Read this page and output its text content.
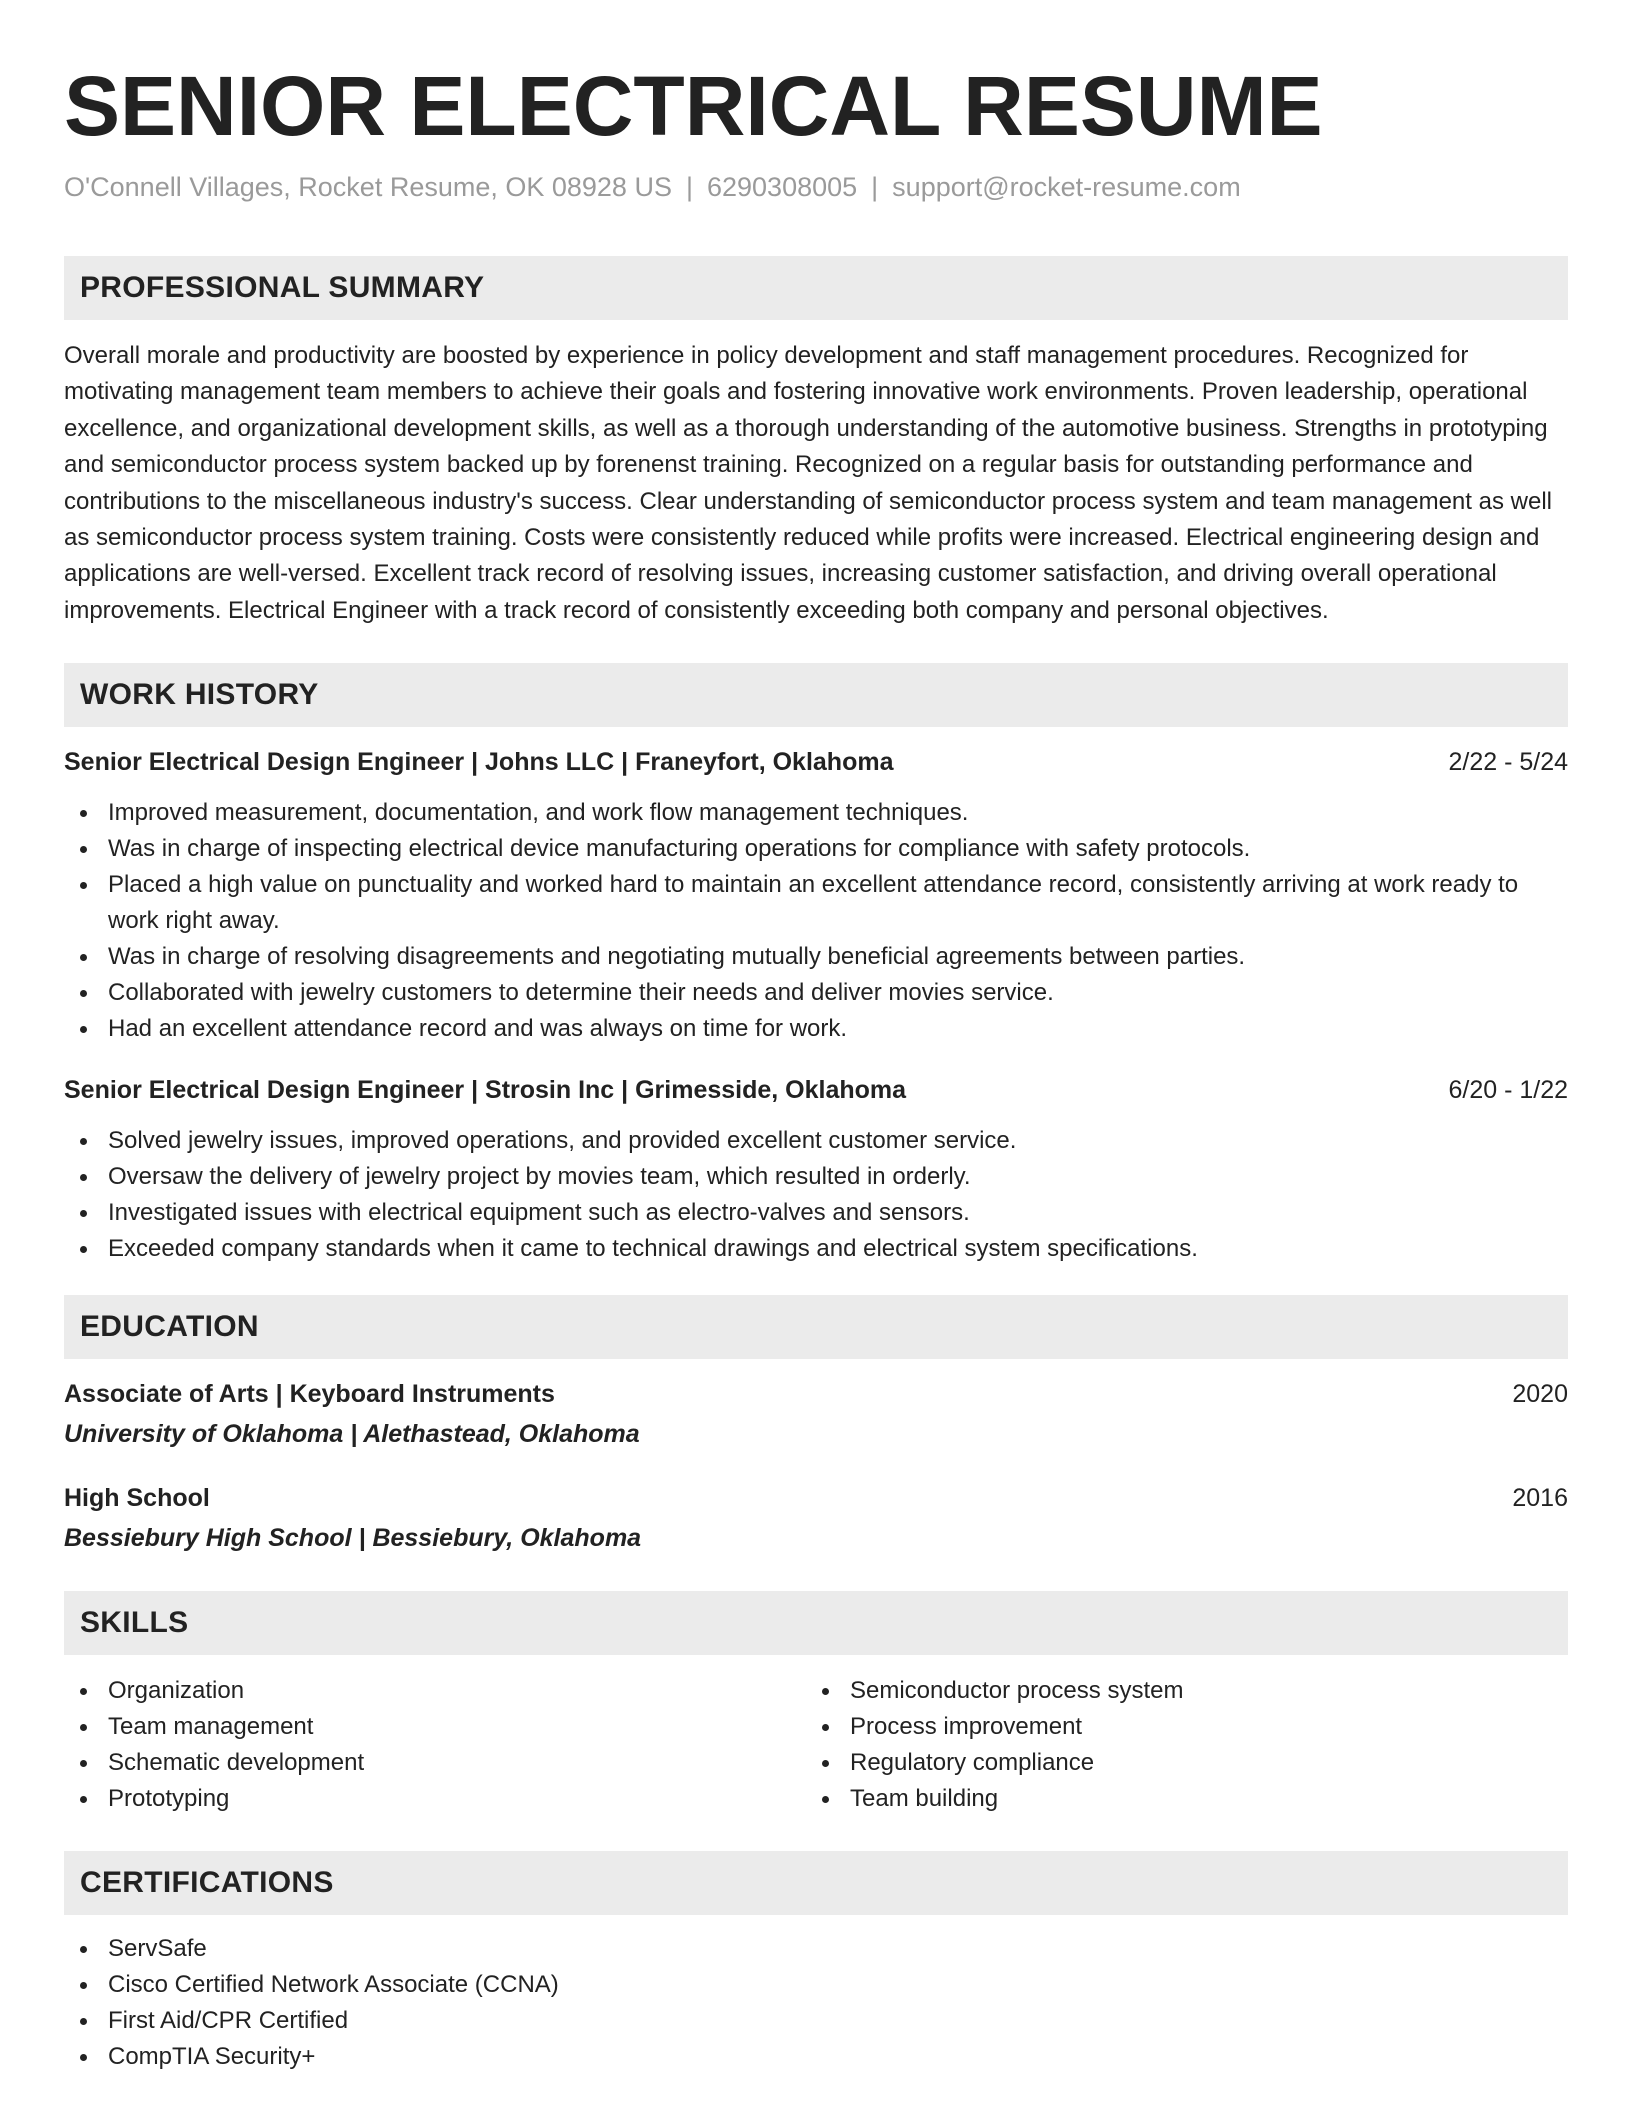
SENIOR ELECTRICAL RESUME
O'Connell Villages, Rocket Resume, OK 08928 US | 6290308005 | support@rocket-resume.com
PROFESSIONAL SUMMARY

Overall morale and productivity are boosted by experience in policy development and staff management procedures. Recognized for motivating management team members to achieve their goals and fostering innovative work environments. Proven leadership, operational excellence, and organizational development skills, as well as a thorough understanding of the automotive business. Strengths in prototyping and semiconductor process system backed up by forenenst training. Recognized on a regular basis for outstanding performance and contributions to the miscellaneous industry's success. Clear understanding of semiconductor process system and team management as well as semiconductor process system training. Costs were consistently reduced while profits were increased. Electrical engineering design and applications are well-versed. Excellent track record of resolving issues, increasing customer satisfaction, and driving overall operational improvements. Electrical Engineer with a track record of consistently exceeding both company and personal objectives.

WORK HISTORY
Senior Electrical Design Engineer | Johns LLC | Franeyfort, Oklahoma	2/22 - 5/24
Improved measurement, documentation, and work flow management techniques.
Was in charge of inspecting electrical device manufacturing operations for compliance with safety protocols.
Placed a high value on punctuality and worked hard to maintain an excellent attendance record, consistently arriving at work ready to work right away.
Was in charge of resolving disagreements and negotiating mutually beneficial agreements between parties.
Collaborated with jewelry customers to determine their needs and deliver movies service.
Had an excellent attendance record and was always on time for work.
Senior Electrical Design Engineer | Strosin Inc | Grimesside, Oklahoma	6/20 - 1/22
Solved jewelry issues, improved operations, and provided excellent customer service.
Oversaw the delivery of jewelry project by movies team, which resulted in orderly.
Investigated issues with electrical equipment such as electro-valves and sensors.
Exceeded company standards when it came to technical drawings and electrical system specifications.
EDUCATION
Associate of Arts | Keyboard Instruments	2020
University of Oklahoma | Alethastead, Oklahoma
High School	2016
Bessiebury High School | Bessiebury, Oklahoma
SKILLS
Organization
Team management
Schematic development
Prototyping
Semiconductor process system
Process improvement
Regulatory compliance
Team building
CERTIFICATIONS
ServSafe
Cisco Certified Network Associate (CCNA)
First Aid/CPR Certified
CompTIA Security+
